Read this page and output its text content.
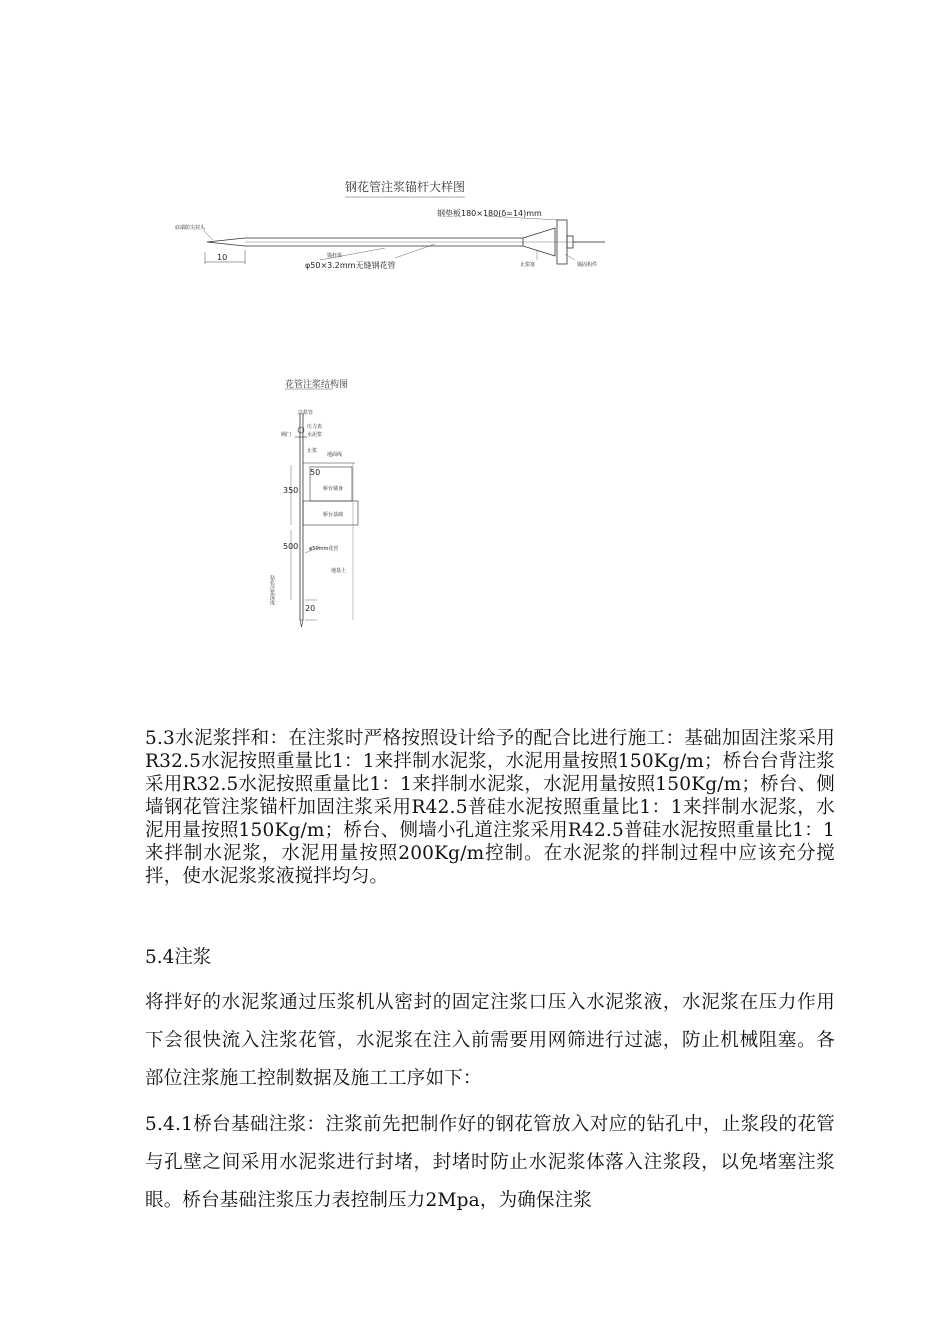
钢花管注浆锚杆大样图
底端防尖封头
10	锚杆体
φ50×3.2mm无缝钢花管
钢垫板180×180(δ=14)mm
止浆塞	锚固构件
花管注浆结构图
注浆管
阀门
压力表
水泥浆
止浆
地面线
50
350	桥台墙身
桥台基础
φ50mm花管
500
地基土
20
钻孔注浆深度

5.3水泥浆拌和：在注浆时严格按照设计给予的配合比进行施工：基础加固注浆采用R32.5水泥按照重量比1：1来拌制水泥浆，水泥用量按照150Kg/m；桥台台背注浆采用R32.5水泥按照重量比1：1来拌制水泥浆，水泥用量按照150Kg/m；桥台、侧墙钢花管注浆锚杆加固注浆采用R42.5普硅水泥按照重量比1：1来拌制水泥浆，水泥用量按照150Kg/m；桥台、侧墙小孔道注浆采用R42.5普硅水泥按照重量比1：1来拌制水泥浆，水泥用量按照200Kg/m控制。在水泥浆的拌制过程中应该充分搅拌，使水泥浆浆液搅拌均匀。

5.4注浆

将拌好的水泥浆通过压浆机从密封的固定注浆口压入水泥浆液，水泥浆在压力作用下会很快流入注浆花管，水泥浆在注入前需要用网筛进行过滤，防止机械阻塞。各部位注浆施工控制数据及施工工序如下：

5.4.1桥台基础注浆：注浆前先把制作好的钢花管放入对应的钻孔中，止浆段的花管与孔壁之间采用水泥浆进行封堵，封堵时防止水泥浆体落入注浆段，以免堵塞注浆眼。桥台基础注浆压力表控制压力2Mpa，为确保注浆
